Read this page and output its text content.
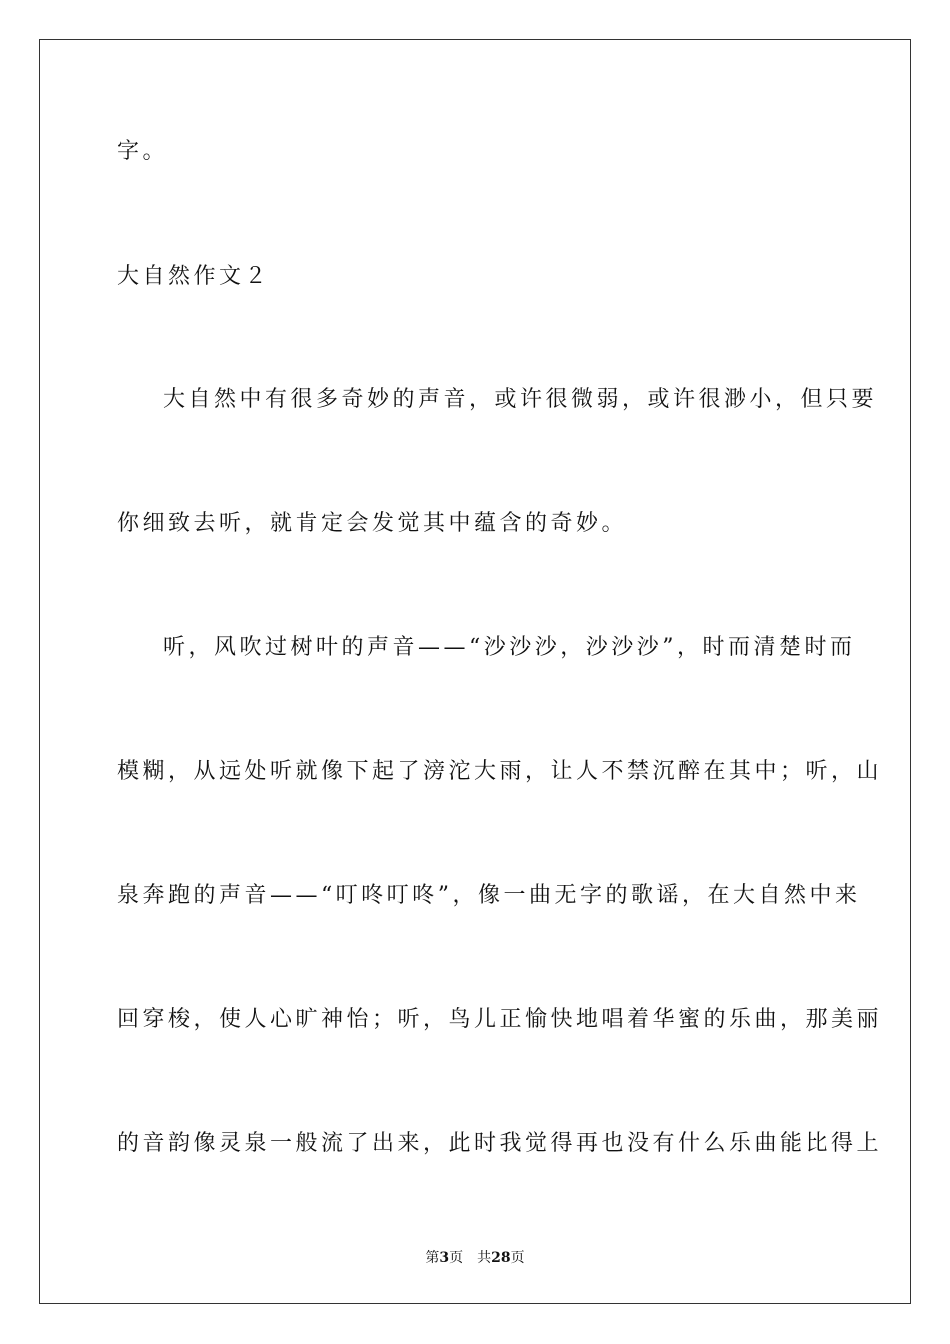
字。
大自然作文２
大自然中有很多奇妙的声音，或许很微弱，或许很渺小，但只要
你细致去听，就肯定会发觉其中蕴含的奇妙。
听，风吹过树叶的声音——“沙沙沙，沙沙沙”，时而清楚时而
模糊，从远处听就像下起了滂沱大雨，让人不禁沉醉在其中；听，山
泉奔跑的声音——“叮咚叮咚”，像一曲无字的歌谣，在大自然中来
回穿梭，使人心旷神怡；听，鸟儿正愉快地唱着华蜜的乐曲，那美丽
的音韵像灵泉一般流了出来，此时我觉得再也没有什么乐曲能比得上
第3页 共28页
